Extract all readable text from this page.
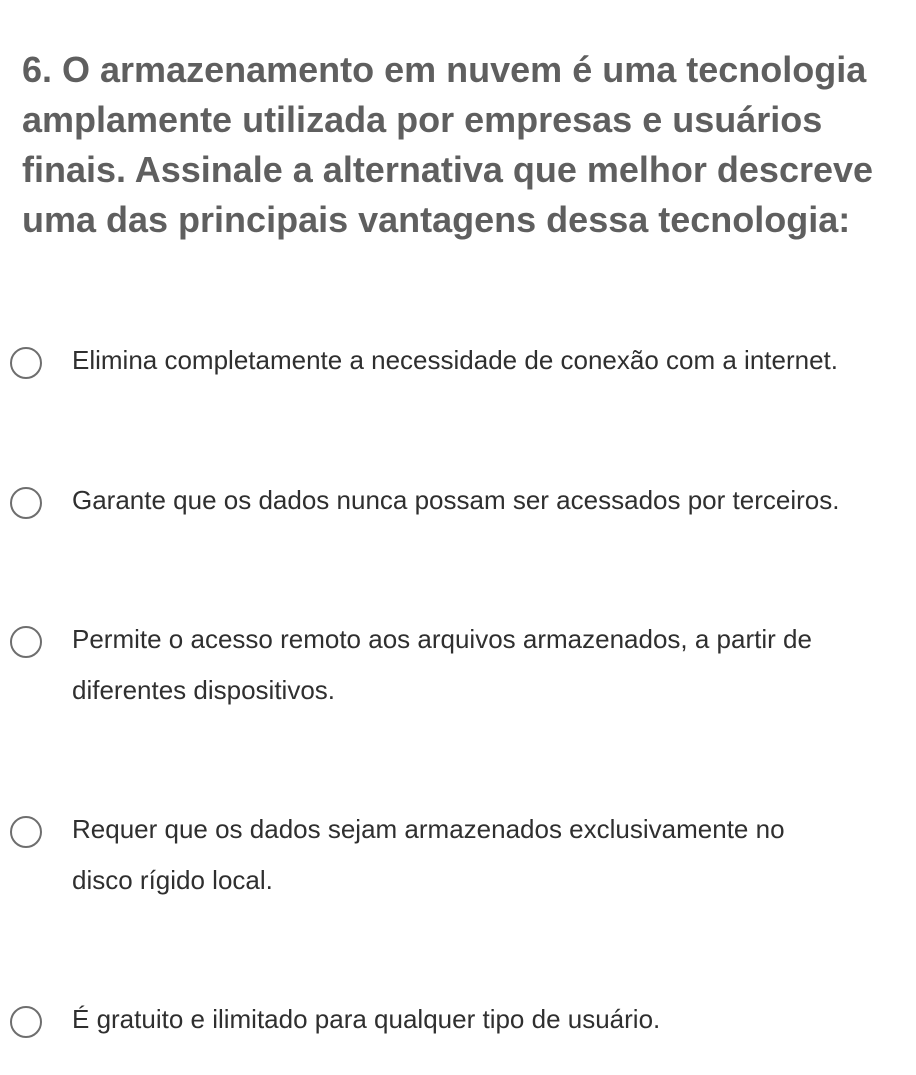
6. O armazenamento em nuvem é uma tecnologia amplamente utilizada por empresas e usuários finais. Assinale a alternativa que melhor descreve uma das principais vantagens dessa tecnologia:
Elimina completamente a necessidade de conexão com a internet.
Garante que os dados nunca possam ser acessados por terceiros.
Permite o acesso remoto aos arquivos armazenados, a partir de
diferentes dispositivos.
Requer que os dados sejam armazenados exclusivamente no
disco rígido local.
É gratuito e ilimitado para qualquer tipo de usuário.
